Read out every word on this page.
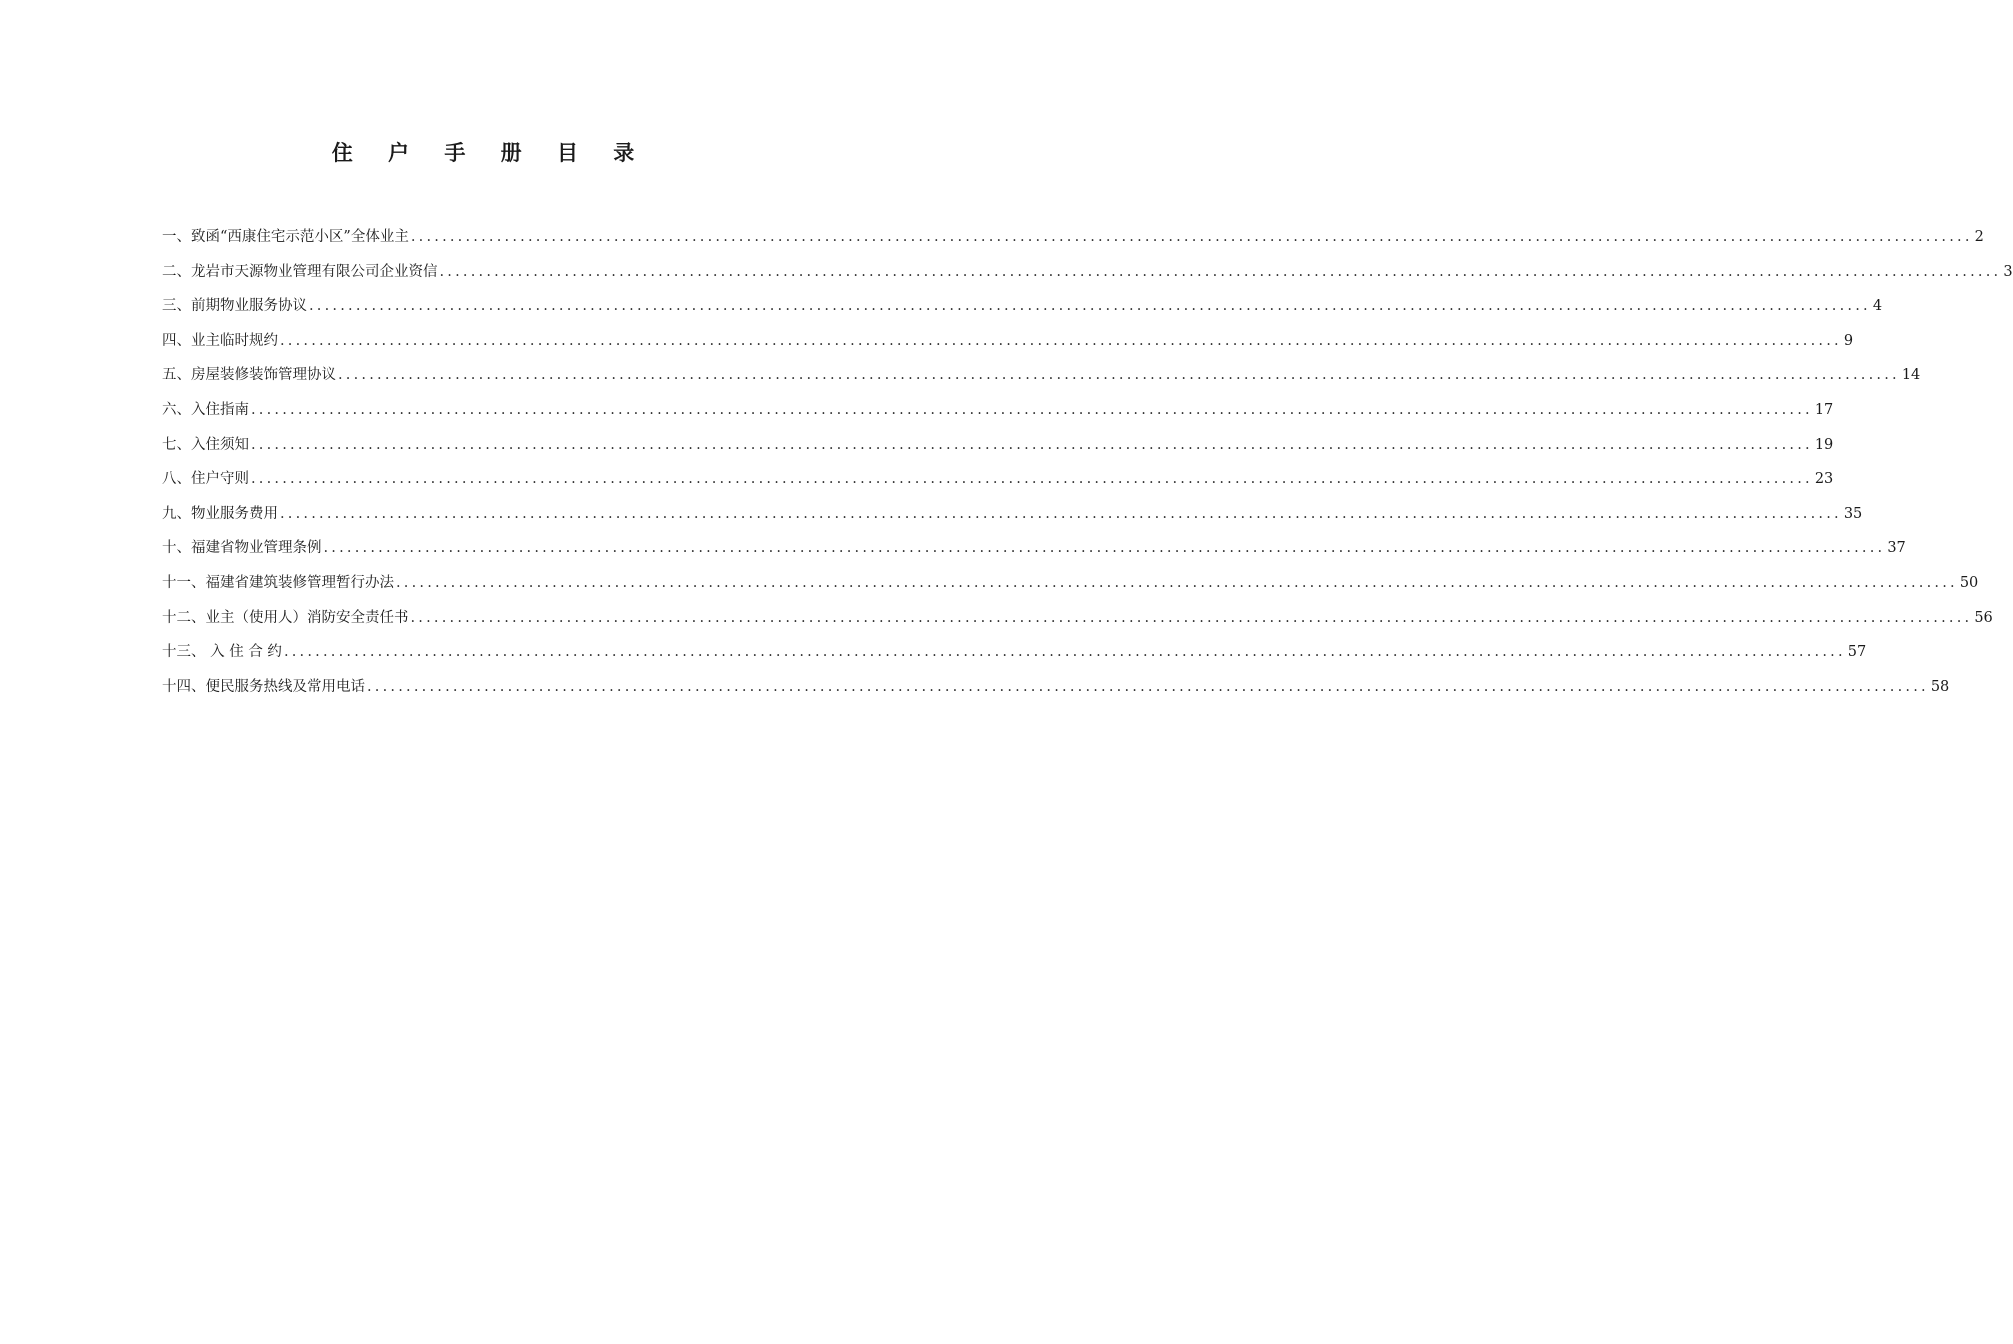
住 户 手 册 目 录
一、致函“西康住宅示范小区”全体业主 ........................................................................................................................................................................................................ 2
二、龙岩市天源物业管理有限公司企业资信 ........................................................................................................................................................................................................ 3
三、前期物业服务协议 ........................................................................................................................................................................................................ 4
四、业主临时规约 ........................................................................................................................................................................................................ 9
五、房屋装修装饰管理协议 ........................................................................................................................................................................................................ 14
六、入住指南 ........................................................................................................................................................................................................ 17
七、入住须知 ........................................................................................................................................................................................................ 19
八、住户守则 ........................................................................................................................................................................................................ 23
九、物业服务费用 ........................................................................................................................................................................................................ 35
十、福建省物业管理条例 ........................................................................................................................................................................................................ 37
十一、福建省建筑装修管理暂行办法 ........................................................................................................................................................................................................ 50
十二、业主（使用人）消防安全责任书 ........................................................................................................................................................................................................ 56
十三、 入 住 合 约 ........................................................................................................................................................................................................ 57
十四、便民服务热线及常用电话 ........................................................................................................................................................................................................ 58
